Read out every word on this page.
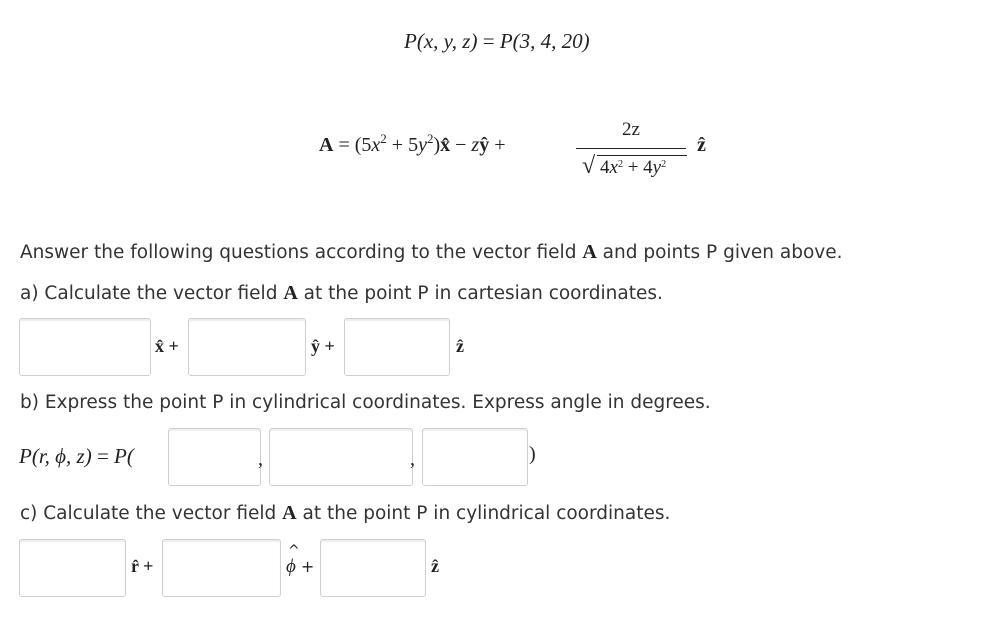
P(x, y, z) = P(3, 4, 20)
$A = (5x^2$ + $5y^2)x̂$ − zŷ +
2z
√ $4x^2 + 4y^2$
ẑ
Answer the following questions according to the vector field A and points P given above.
a) Calculate the vector field A at the point P in cartesian coordinates.
x̂ +	ŷ +	ẑ
b) Express the point P in cylindrical coordinates. Express angle in degrees.
P(r, ϕ, z) = P(	,	,	)
c) Calculate the vector field A at the point P in cylindrical coordinates.
r̂ +
^
ϕ +	ẑ
